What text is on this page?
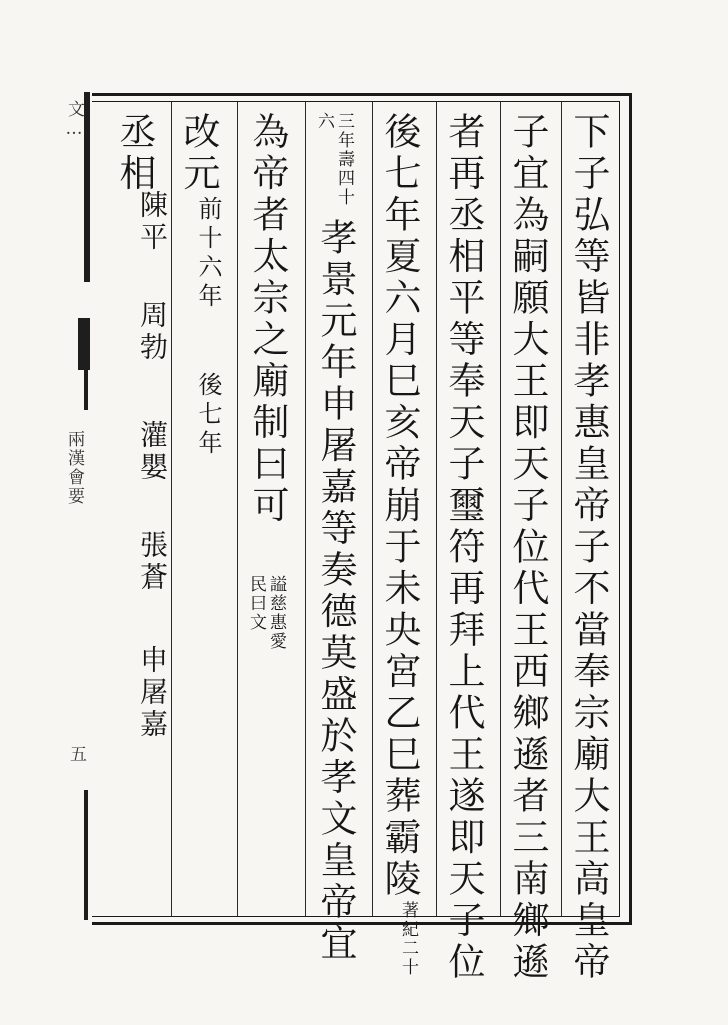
文…
兩漢會要
五	下子弘等皆非孝惠皇帝子不當奉宗廟大王高皇帝
子宜為嗣願大王即天子位代王西鄉遜者三南鄉遜
者再丞相平等奉天子璽符再拜上代王遂即天子位
後七年夏六月巳亥帝崩于未央宮乙巳葬霸陵著紀二十
三年壽四十六孝景元年申屠嘉等奏德莫盛於孝文皇帝宜
為帝者太宗之廟制曰可謚慈惠愛民曰文
改元
前十六年
後七年
丞相
陳平
周勃
灌嬰
張蒼
申屠嘉
